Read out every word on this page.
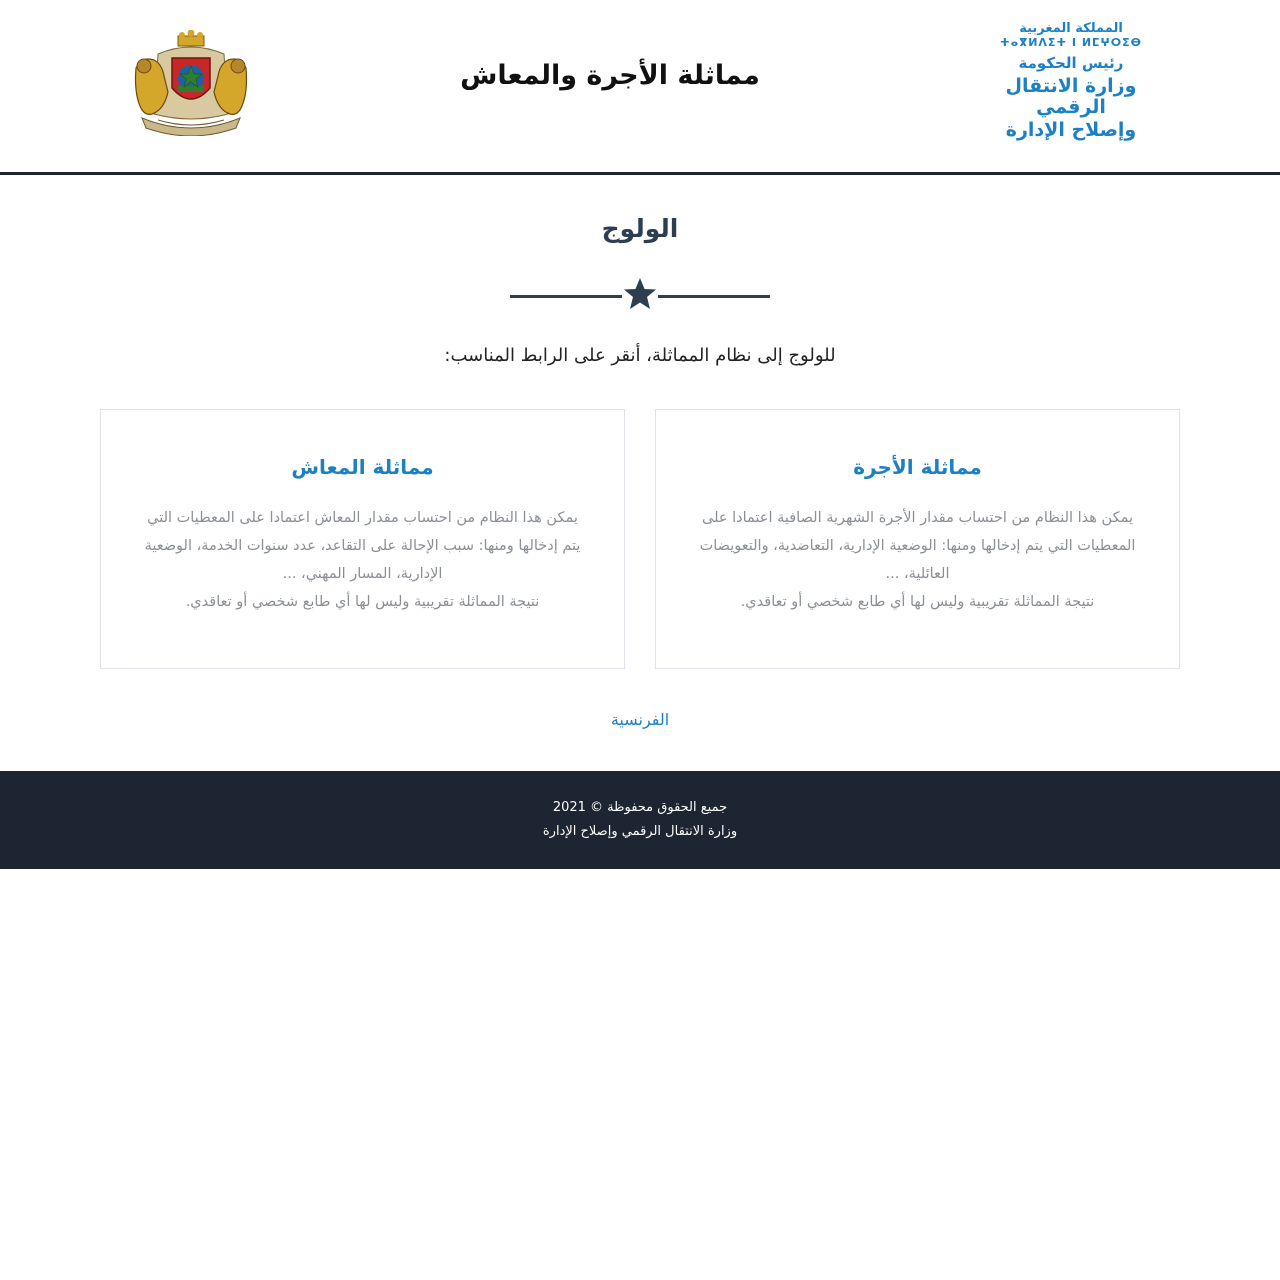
المملكة المغربية
ⵜⴰⴳⵍⴷⵉⵜ ⵏ ⵍⵎⵖⵔⵉⴱ
رئيس الحكومة
وزارة الانتقال الرقمي
وإصلاح الإدارة
مماثلة الأجرة والمعاش
الولوج
للولوج إلى نظام المماثلة، أنقر على الرابط المناسب:
مماثلة الأجرة

يمكن هذا النظام من احتساب مقدار الأجرة الشهرية الصافية اعتمادا على المعطيات التي يتم إدخالها ومنها: الوضعية الإدارية، التعاضدية، والتعويضات العائلية، ...

نتيجة المماثلة تقريبية وليس لها أي طابع شخصي أو تعاقدي.

مماثلة المعاش

يمكن هذا النظام من احتساب مقدار المعاش اعتمادا على المعطيات التي يتم إدخالها ومنها: سبب الإحالة على التقاعد، عدد سنوات الخدمة، الوضعية الإدارية، المسار المهني، ...

نتيجة المماثلة تقريبية وليس لها أي طابع شخصي أو تعاقدي.

الفرنسية
جميع الحقوق محفوظة © 2021
وزارة الانتقال الرقمي وإصلاح الإدارة
